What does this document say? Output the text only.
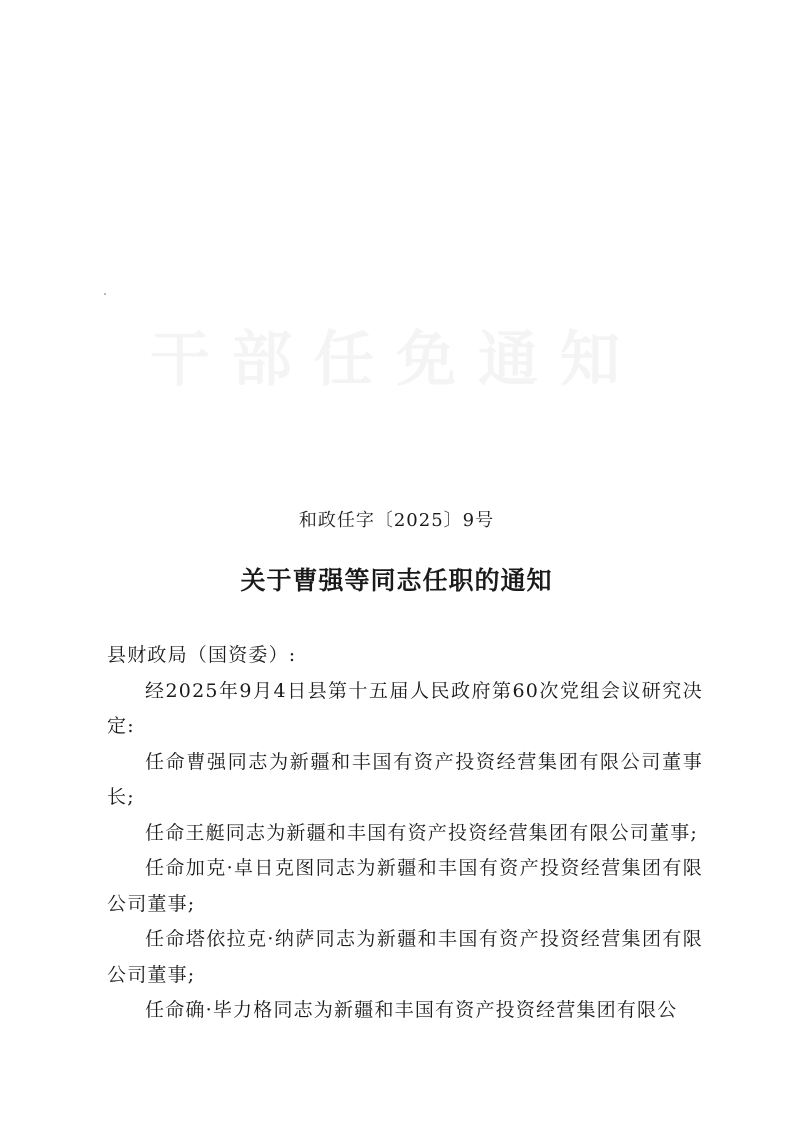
干部任免通知
和政任字〔2025〕9号
关于曹强等同志任职的通知

县财政局（国资委）:

经2025年9月4日县第十五届人民政府第60次党组会议研究决定:

任命曹强同志为新疆和丰国有资产投资经营集团有限公司董事长;

任命王艇同志为新疆和丰国有资产投资经营集团有限公司董事;

任命加克·卓日克图同志为新疆和丰国有资产投资经营集团有限公司董事;

任命塔依拉克·纳萨同志为新疆和丰国有资产投资经营集团有限公司董事;

任命确·毕力格同志为新疆和丰国有资产投资经营集团有限公
